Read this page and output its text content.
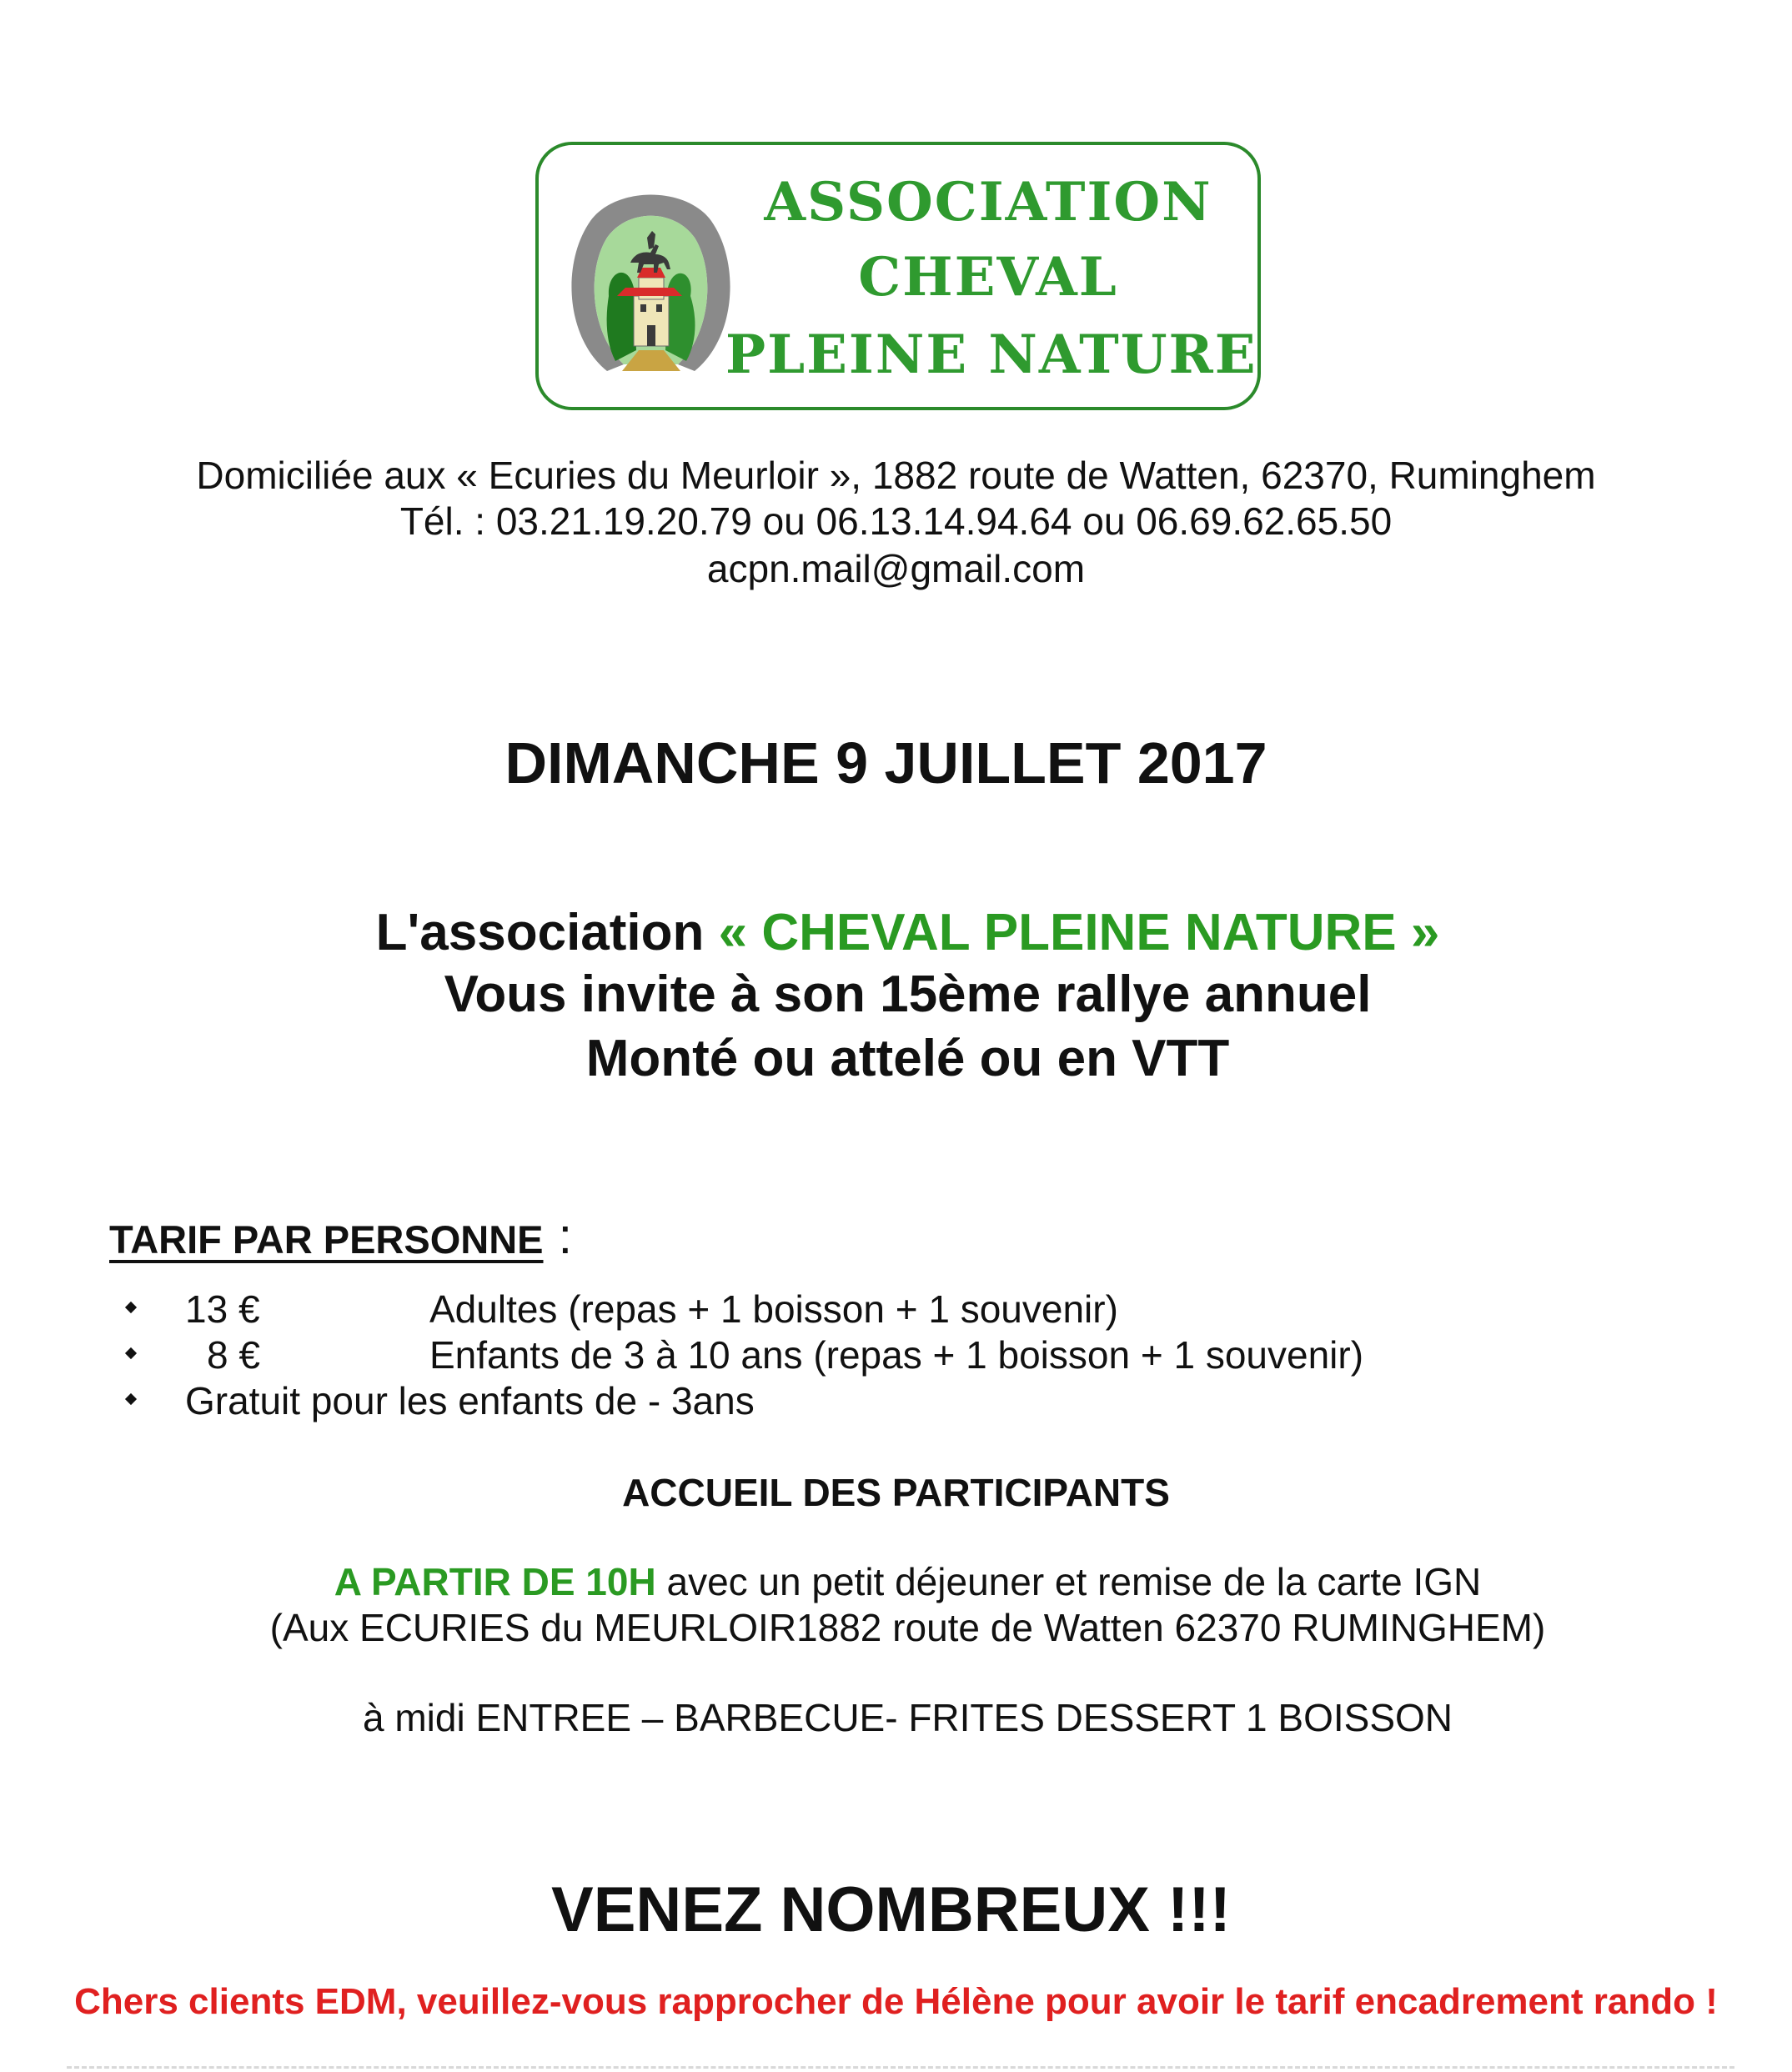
ASSOCIATION
CHEVAL
PLEINE NATURE
Domiciliée aux « Ecuries du Meurloir », 1882 route de Watten, 62370, Ruminghem
Tél. : 03.21.19.20.79 ou 06.13.14.94.64 ou 06.69.62.65.50
acpn.mail@gmail.com
DIMANCHE 9 JUILLET 2017
L'association « CHEVAL PLEINE NATURE »
Vous invite à son 15ème rallye annuel
Monté ou attelé ou en VTT
TARIF PAR PERSONNE :
13 €	Adultes (repas + 1 boisson + 1 souvenir)
8 €	Enfants de 3 à 10 ans (repas + 1 boisson + 1 souvenir)
Gratuit pour les enfants de - 3ans
ACCUEIL DES PARTICIPANTS
A PARTIR DE 10H avec un petit déjeuner et remise de la carte IGN
(Aux ECURIES du MEURLOIR1882 route de Watten 62370 RUMINGHEM)
à midi ENTREE – BARBECUE- FRITES DESSERT 1 BOISSON
VENEZ NOMBREUX !!!
Chers clients EDM, veuillez-vous rapprocher de Hélène pour avoir le tarif encadrement rando !
